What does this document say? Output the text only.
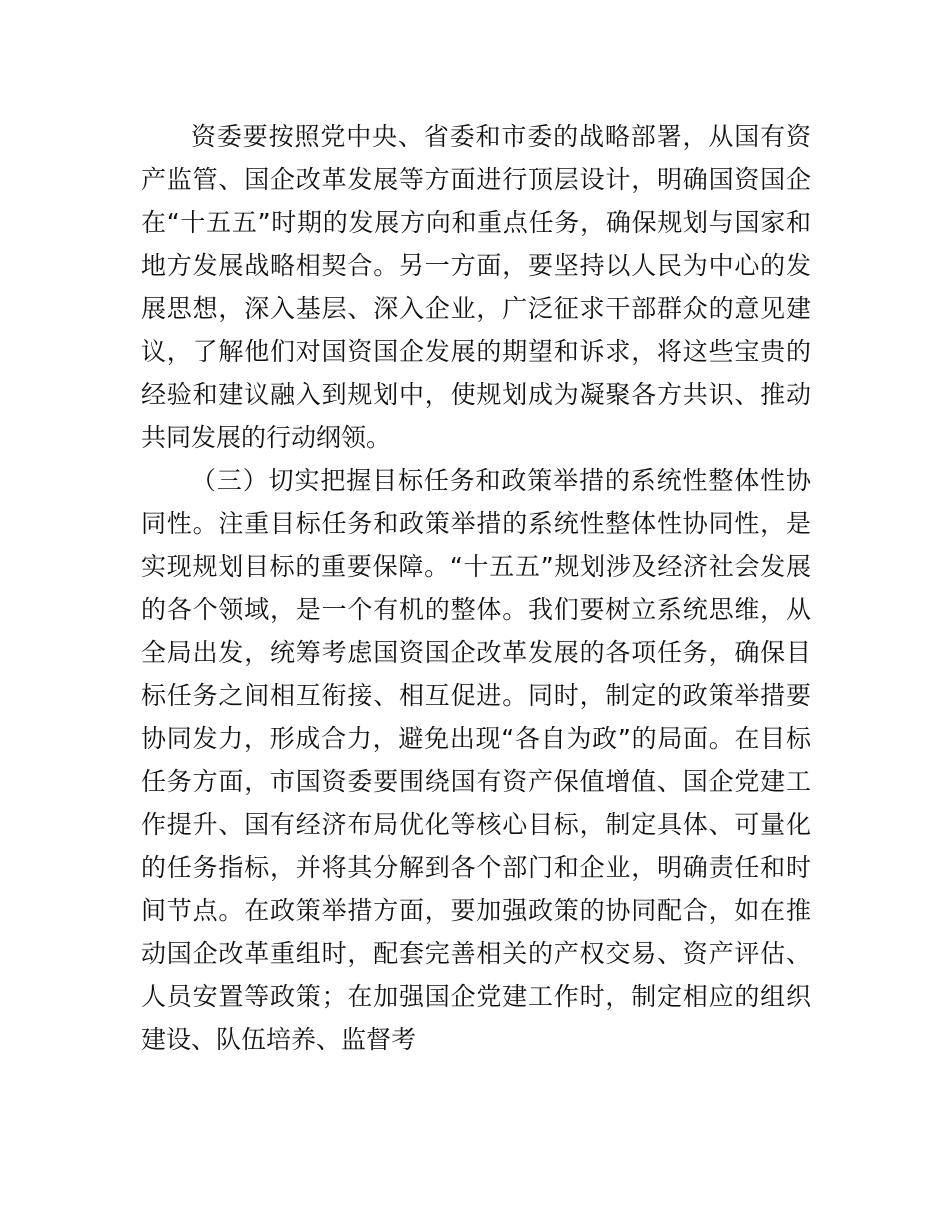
资委要按照党中央、省委和市委的战略部署，从国有资产监管、国企改革发展等方面进行顶层设计，明确国资国企在“十五五”时期的发展方向和重点任务，确保规划与国家和地方发展战略相契合。另一方面，要坚持以人民为中心的发展思想，深入基层、深入企业，广泛征求干部群众的意见建议，了解他们对国资国企发展的期望和诉求，将这些宝贵的经验和建议融入到规划中，使规划成为凝聚各方共识、推动共同发展的行动纲领。

（三）切实把握目标任务和政策举措的系统性整体性协同性。注重目标任务和政策举措的系统性整体性协同性，是实现规划目标的重要保障。“十五五”规划涉及经济社会发展的各个领域，是一个有机的整体。我们要树立系统思维，从全局出发，统筹考虑国资国企改革发展的各项任务，确保目标任务之间相互衔接、相互促进。同时，制定的政策举措要协同发力，形成合力，避免出现“各自为政”的局面。在目标任务方面，市国资委要围绕国有资产保值增值、国企党建工作提升、国有经济布局优化等核心目标，制定具体、可量化的任务指标，并将其分解到各个部门和企业，明确责任和时间节点。在政策举措方面，要加强政策的协同配合，如在推动国企改革重组时，配套完善相关的产权交易、资产评估、人员安置等政策；在加强国企党建工作时，制定相应的组织建设、队伍培养、监督考
